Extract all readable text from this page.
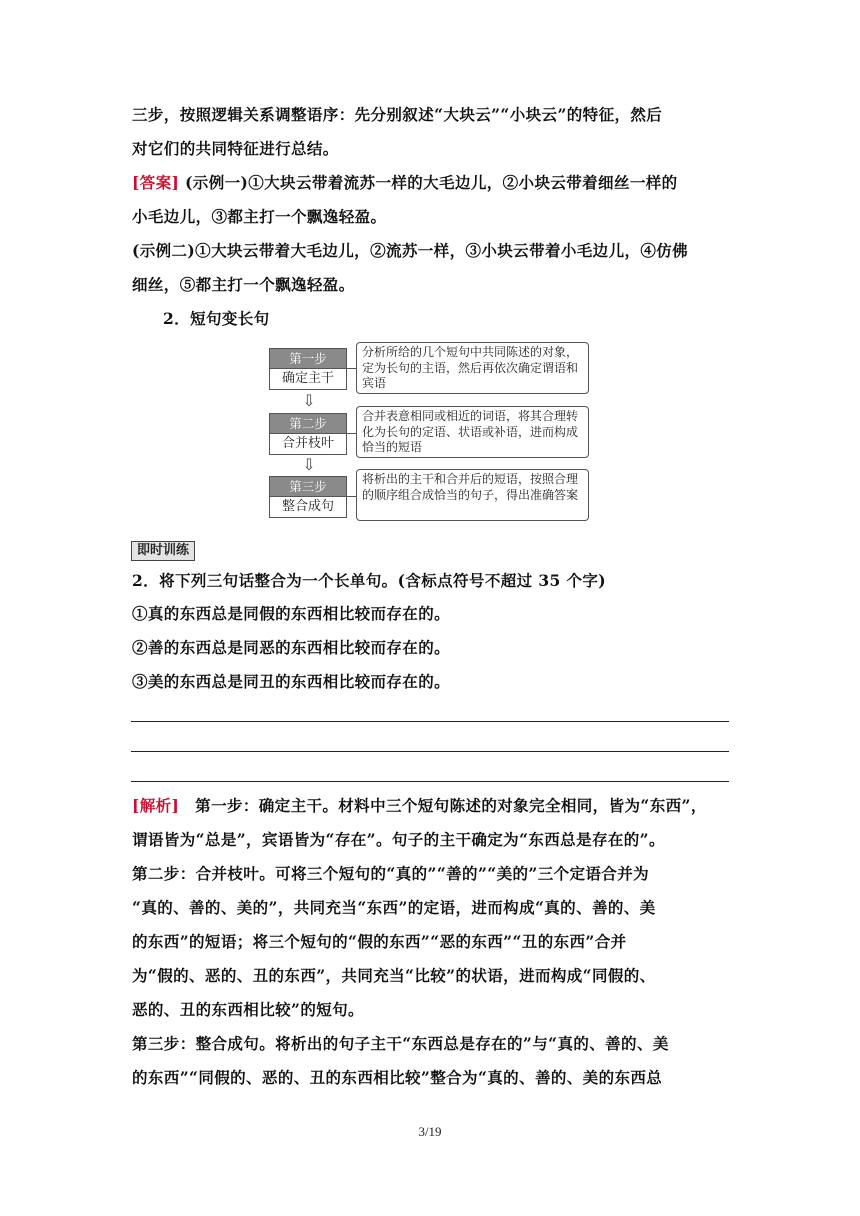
三步，按照逻辑关系调整语序：先分别叙述“大块云”“小块云”的特征，然后
对它们的共同特征进行总结。
[答案] (示例一)①大块云带着流苏一样的大毛边儿，②小块云带着细丝一样的
小毛边儿，③都主打一个飘逸轻盈。
(示例二)①大块云带着大毛边儿，②流苏一样，③小块云带着小毛边儿，④仿佛
细丝，⑤都主打一个飘逸轻盈。
2．短句变长句
第一步
确定主干
分析所给的几个短句中共同陈述的对象，定为长句的主语，然后再依次确定谓语和宾语
⇩
第二步
合并枝叶
合并表意相同或相近的词语，将其合理转化为长句的定语、状语或补语，进而构成恰当的短语
⇩
第三步
整合成句
将析出的主干和合并后的短语，按照合理的顺序组合成恰当的句子，得出准确答案
即时训练
2．将下列三句话整合为一个长单句。(含标点符号不超过 35 个字)
①真的东西总是同假的东西相比较而存在的。
②善的东西总是同恶的东西相比较而存在的。
③美的东西总是同丑的东西相比较而存在的。
[解析]　第一步：确定主干。材料中三个短句陈述的对象完全相同，皆为“东西”，
谓语皆为“总是”，宾语皆为“存在”。句子的主干确定为“东西总是存在的”。
第二步：合并枝叶。可将三个短句的“真的”“善的”“美的”三个定语合并为
“真的、善的、美的”，共同充当“东西”的定语，进而构成“真的、善的、美
的东西”的短语；将三个短句的“假的东西”“恶的东西”“丑的东西”合并
为“假的、恶的、丑的东西”，共同充当“比较”的状语，进而构成“同假的、
恶的、丑的东西相比较”的短句。
第三步：整合成句。将析出的句子主干“东西总是存在的”与“真的、善的、美
的东西”“同假的、恶的、丑的东西相比较”整合为“真的、善的、美的东西总
3/19
